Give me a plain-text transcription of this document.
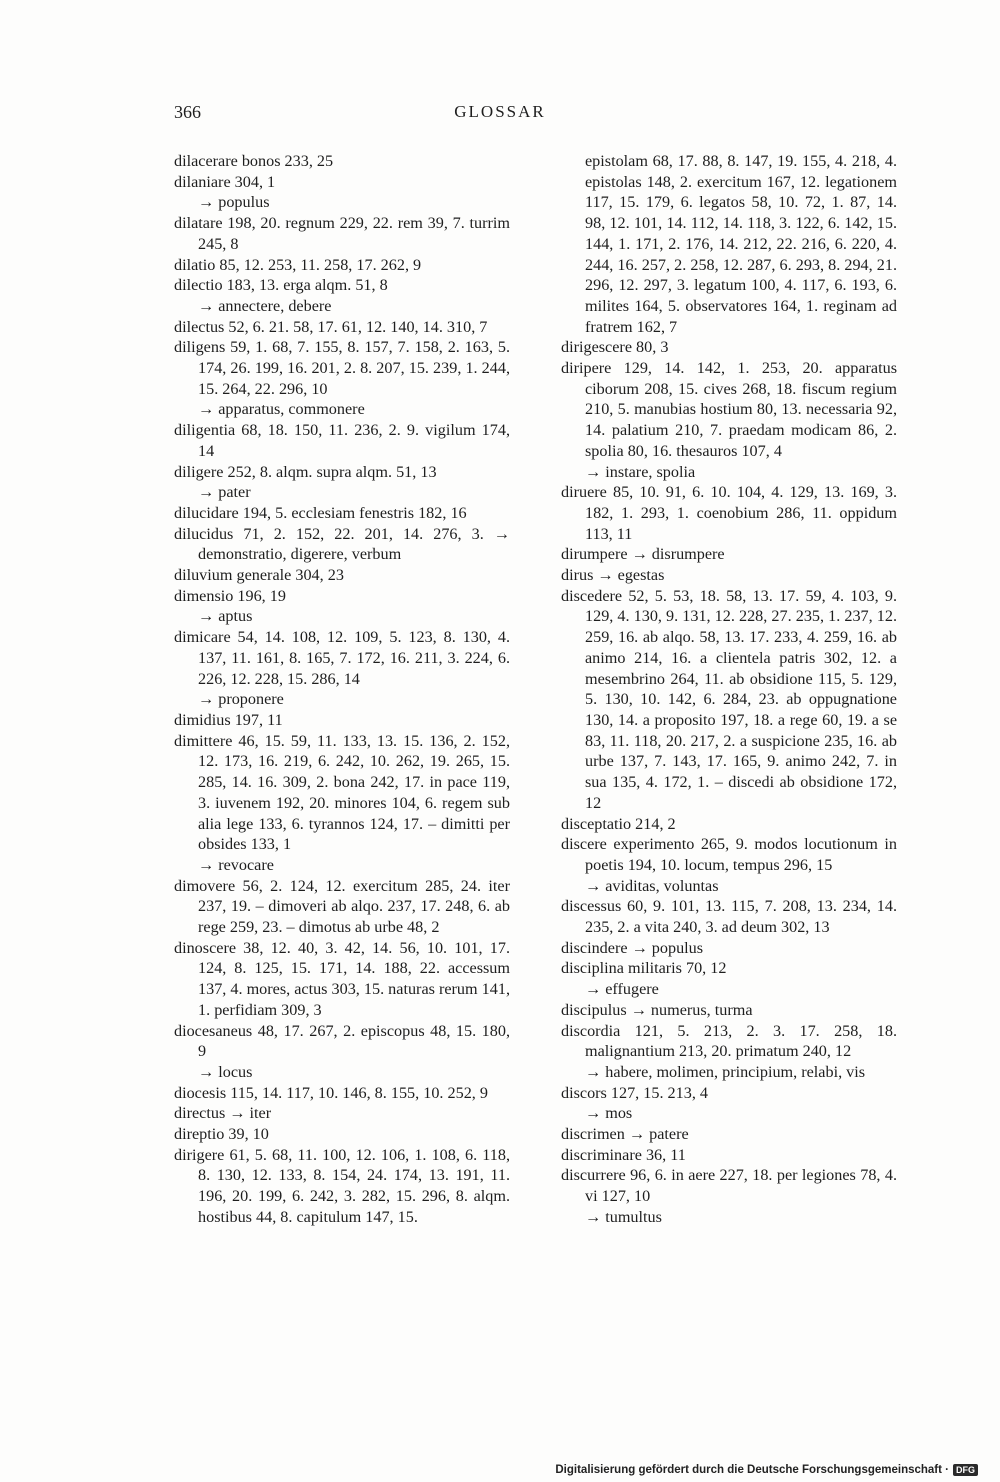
366	GLOSSAR

dilacerare bonos 233, 25

dilaniare 304, 1

→ populus

dilatare 198, 20. regnum 229, 22. rem 39, 7. turrim 245, 8

dilatio 85, 12. 253, 11. 258, 17. 262, 9

dilectio 183, 13. erga alqm. 51, 8

→ annectere, debere

dilectus 52, 6. 21. 58, 17. 61, 12. 140, 14. 310, 7

diligens 59, 1. 68, 7. 155, 8. 157, 7. 158, 2. 163, 5. 174, 26. 199, 16. 201, 2. 8. 207, 15. 239, 1. 244, 15. 264, 22. 296, 10

→ apparatus, commonere

diligentia 68, 18. 150, 11. 236, 2. 9. vigilum 174, 14

diligere 252, 8. alqm. supra alqm. 51, 13

→ pater

dilucidare 194, 5. ecclesiam fenestris 182, 16

dilucidus 71, 2. 152, 22. 201, 14. 276, 3. → demonstratio, digerere, verbum

diluvium generale 304, 23

dimensio 196, 19

→ aptus

dimicare 54, 14. 108, 12. 109, 5. 123, 8. 130, 4. 137, 11. 161, 8. 165, 7. 172, 16. 211, 3. 224, 6. 226, 12. 228, 15. 286, 14

→ proponere

dimidius 197, 11

dimittere 46, 15. 59, 11. 133, 13. 15. 136, 2. 152, 12. 173, 16. 219, 6. 242, 10. 262, 19. 265, 15. 285, 14. 16. 309, 2. bona 242, 17. in pace 119, 3. iuvenem 192, 20. minores 104, 6. regem sub alia lege 133, 6. tyrannos 124, 17. – dimitti per obsides 133, 1

→ revocare

dimovere 56, 2. 124, 12. exercitum 285, 24. iter 237, 19. – dimoveri ab alqo. 237, 17. 248, 6. ab rege 259, 23. – dimotus ab urbe 48, 2

dinoscere 38, 12. 40, 3. 42, 14. 56, 10. 101, 17. 124, 8. 125, 15. 171, 14. 188, 22. accessum 137, 4. mores, actus 303, 15. naturas rerum 141, 1. perfidiam 309, 3

diocesaneus 48, 17. 267, 2. episcopus 48, 15. 180, 9

→ locus

diocesis 115, 14. 117, 10. 146, 8. 155, 10. 252, 9

directus → iter

direptio 39, 10

dirigere 61, 5. 68, 11. 100, 12. 106, 1. 108, 6. 118, 8. 130, 12. 133, 8. 154, 24. 174, 13. 191, 11. 196, 20. 199, 6. 242, 3. 282, 15. 296, 8. alqm. hostibus 44, 8. capitulum 147, 15.

epistolam 68, 17. 88, 8. 147, 19. 155, 4. 218, 4. epistolas 148, 2. exercitum 167, 12. legationem 117, 15. 179, 6. legatos 58, 10. 72, 1. 87, 14. 98, 12. 101, 14. 112, 14. 118, 3. 122, 6. 142, 15. 144, 1. 171, 2. 176, 14. 212, 22. 216, 6. 220, 4. 244, 16. 257, 2. 258, 12. 287, 6. 293, 8. 294, 21. 296, 12. 297, 3. legatum 100, 4. 117, 6. 193, 6. milites 164, 5. observatores 164, 1. reginam ad fratrem 162, 7

dirigescere 80, 3

diripere 129, 14. 142, 1. 253, 20. apparatus ciborum 208, 15. cives 268, 18. fiscum regium 210, 5. manubias hostium 80, 13. necessaria 92, 14. palatium 210, 7. praedam modicam 86, 2. spolia 80, 16. thesauros 107, 4

→ instare, spolia

diruere 85, 10. 91, 6. 10. 104, 4. 129, 13. 169, 3. 182, 1. 293, 1. coenobium 286, 11. oppidum 113, 11

dirumpere → disrumpere

dirus → egestas

discedere 52, 5. 53, 18. 58, 13. 17. 59, 4. 103, 9. 129, 4. 130, 9. 131, 12. 228, 27. 235, 1. 237, 12. 259, 16. ab alqo. 58, 13. 17. 233, 4. 259, 16. ab animo 214, 16. a clientela patris 302, 12. a mesembrino 264, 11. ab obsidione 115, 5. 129, 5. 130, 10. 142, 6. 284, 23. ab oppugnatione 130, 14. a proposito 197, 18. a rege 60, 19. a se 83, 11. 118, 20. 217, 2. a suspicione 235, 16. ab urbe 137, 7. 143, 17. 165, 9. animo 242, 7. in sua 135, 4. 172, 1. – discedi ab obsidione 172, 12

disceptatio 214, 2

discere experimento 265, 9. modos locutionum in poetis 194, 10. locum, tempus 296, 15

→ aviditas, voluntas

discessus 60, 9. 101, 13. 115, 7. 208, 13. 234, 14. 235, 2. a vita 240, 3. ad deum 302, 13

discindere → populus

disciplina militaris 70, 12

→ effugere

discipulus → numerus, turma

discordia 121, 5. 213, 2. 3. 17. 258, 18. malignantium 213, 20. primatum 240, 12

→ habere, molimen, principium, relabi, vis

discors 127, 15. 213, 4

→ mos

discrimen → patere

discriminare 36, 11

discurrere 96, 6. in aere 227, 18. per legiones 78, 4. vi 127, 10

→ tumultus

Digitalisierung gefördert durch die Deutsche Forschungsgemeinschaft · DFG
